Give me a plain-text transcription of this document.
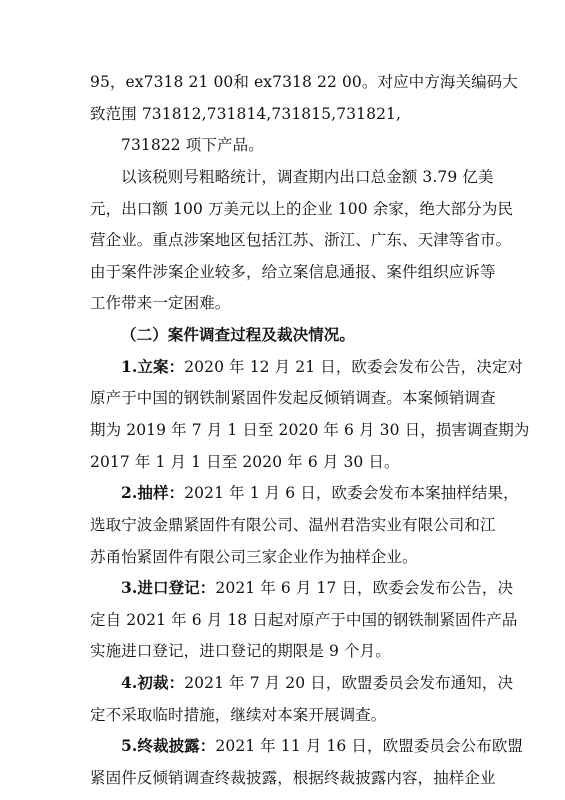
95，ex7318 21 00和 ex7318 22 00。对应中方海关编码大
致范围 731812,731814,731815,731821,
731822 项下产品。
以该税则号粗略统计，调查期内出口总金额 3.79 亿美
元，出口额 100 万美元以上的企业 100 余家，绝大部分为民
营企业。重点涉案地区包括江苏、浙江、广东、天津等省市。
由于案件涉案企业较多，给立案信息通报、案件组织应诉等
工作带来一定困难。
（二）案件调查过程及裁决情况。
1.立案：2020 年 12 月 21 日，欧委会发布公告，决定对
原产于中国的钢铁制紧固件发起反倾销调查。本案倾销调查
期为 2019 年 7 月 1 日至 2020 年 6 月 30 日，损害调查期为
2017 年 1 月 1 日至 2020 年 6 月 30 日。
2.抽样：2021 年 1 月 6 日，欧委会发布本案抽样结果，
选取宁波金鼎紧固件有限公司、温州君浩实业有限公司和江
苏甬怡紧固件有限公司三家企业作为抽样企业。
3.进口登记：2021 年 6 月 17 日，欧委会发布公告，决
定自 2021 年 6 月 18 日起对原产于中国的钢铁制紧固件产品
实施进口登记，进口登记的期限是 9 个月。
4.初裁：2021 年 7 月 20 日，欧盟委员会发布通知，决
定不采取临时措施，继续对本案开展调查。
5.终裁披露：2021 年 11 月 16 日，欧盟委员会公布欧盟
紧固件反倾销调查终裁披露，根据终裁披露内容，抽样企业
